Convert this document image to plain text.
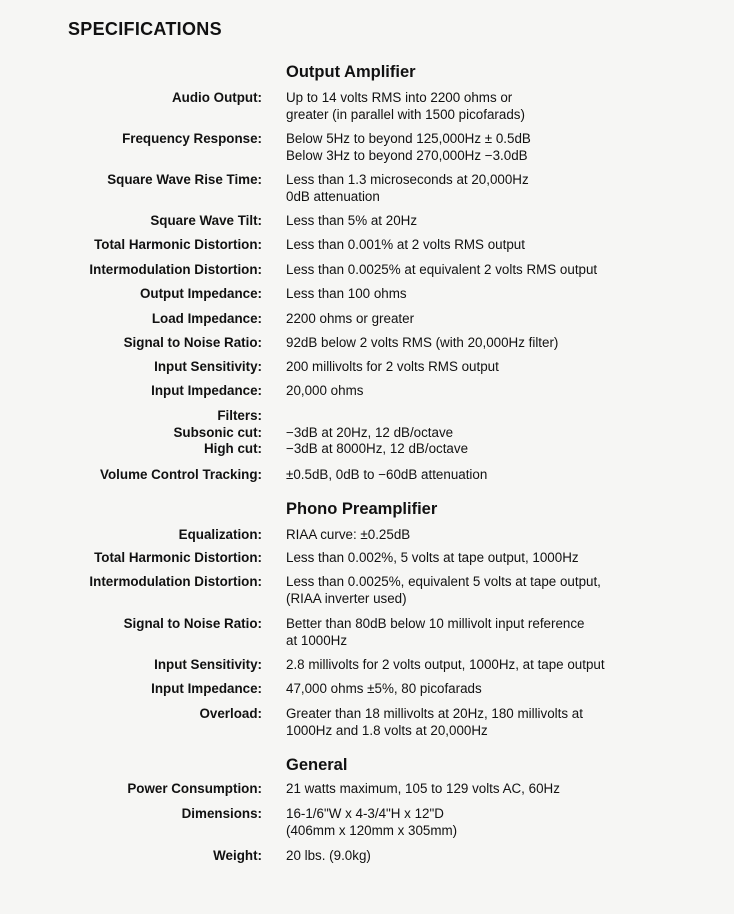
SPECIFICATIONS
Output Amplifier
Audio Output: Up to 14 volts RMS into 2200 ohms or
greater (in parallel with 1500 picofarads)
Frequency Response: Below 5Hz to beyond 125,000Hz ± 0.5dB
Below 3Hz to beyond 270,000Hz −3.0dB
Square Wave Rise Time: Less than 1.3 microseconds at 20,000Hz
0dB attenuation
Square Wave Tilt: Less than 5% at 20Hz
Total Harmonic Distortion: Less than 0.001% at 2 volts RMS output
Intermodulation Distortion: Less than 0.0025% at equivalent 2 volts RMS output
Output Impedance: Less than 100 ohms
Load Impedance: 2200 ohms or greater
Signal to Noise Ratio: 92dB below 2 volts RMS (with 20,000Hz filter)
Input Sensitivity: 200 millivolts for 2 volts RMS output
Input Impedance: 20,000 ohms
Filters:
Subsonic cut:
High cut:

−3dB at 20Hz, 12 dB/octave
−3dB at 8000Hz, 12 dB/octave
Volume Control Tracking: ±0.5dB, 0dB to −60dB attenuation
Phono Preamplifier
Equalization: RIAA curve: ±0.25dB
Total Harmonic Distortion: Less than 0.002%, 5 volts at tape output, 1000Hz
Intermodulation Distortion: Less than 0.0025%, equivalent 5 volts at tape output,
(RIAA inverter used)
Signal to Noise Ratio: Better than 80dB below 10 millivolt input reference
at 1000Hz
Input Sensitivity: 2.8 millivolts for 2 volts output, 1000Hz, at tape output
Input Impedance: 47,000 ohms ±5%, 80 picofarads
Overload: Greater than 18 millivolts at 20Hz, 180 millivolts at
1000Hz and 1.8 volts at 20,000Hz
General
Power Consumption: 21 watts maximum, 105 to 129 volts AC, 60Hz
Dimensions: 16-1/6"W x 4-3/4"H x 12"D
(406mm x 120mm x 305mm)
Weight: 20 lbs. (9.0kg)
